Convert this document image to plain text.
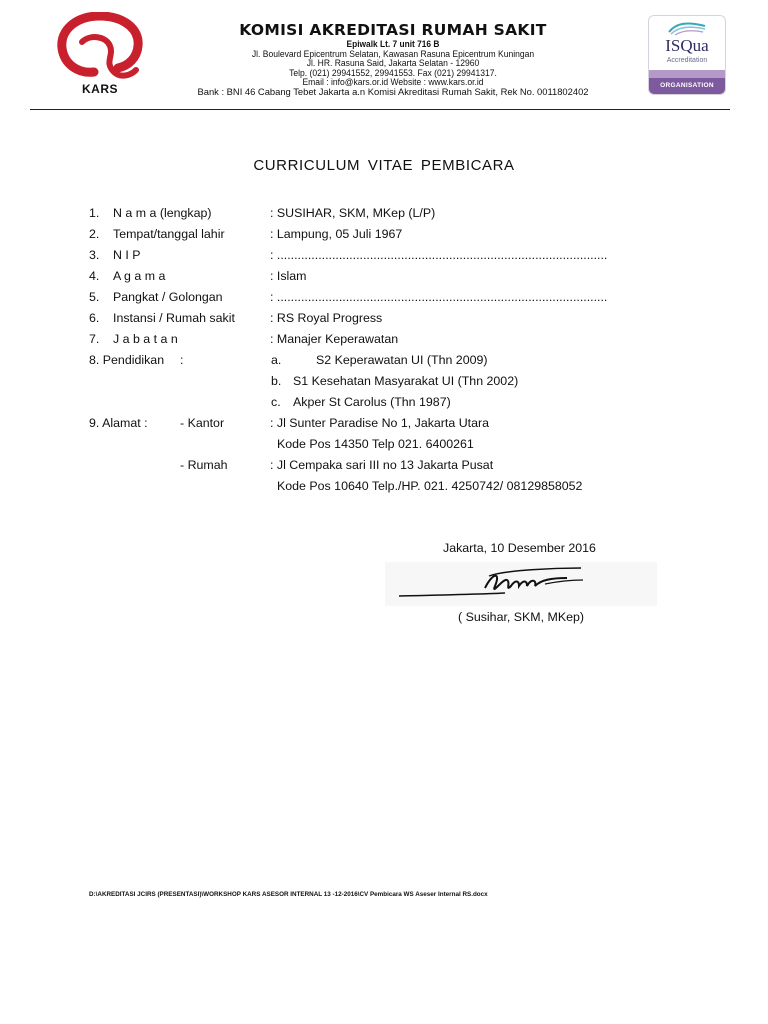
KARS
KOMISI AKREDITASI RUMAH SAKIT
Epiwalk Lt. 7 unit 716 B
Jl. Boulevard Epicentrum Selatan, Kawasan Rasuna Epicentrum Kuningan
Jl. HR. Rasuna Said, Jakarta Selatan - 12960
Telp. (021) 29941552, 29941553. Fax (021) 29941317.
Email : info@kars.or.id Website : www.kars.or.id
Bank : BNI 46 Cabang Tebet Jakarta a.n Komisi Akreditasi Rumah Sakit, Rek No. 0011802402
ISQua
Accreditation
ORGANISATION
CURRICULUM VITAE PEMBICARA
1. N a m a (lengkap)	: SUSIHAR, SKM, MKep (L/P)
2. Tempat/tanggal lahir	: Lampung, 05 Juli 1967
3. N I P	: ................................................................................................
4. A g a m a	: Islam
5. Pangkat / Golongan	: ................................................................................................
6. Instansi / Rumah sakit	: RS Royal Progress
7. J a b a t a n	: Manajer Keperawatan
8. Pendidikan :	a.	S2 Keperawatan UI (Thn 2009)
b. S1 Kesehatan Masyarakat UI (Thn 2002)
c. Akper St Carolus (Thn 1987)
9. Alamat :	- Kantor	: Jl Sunter Paradise No 1, Jakarta Utara
Kode Pos 14350 Telp 021. 6400261
- Rumah	: Jl Cempaka sari III no 13 Jakarta Pusat
Kode Pos 10640 Telp./HP. 021. 4250742/ 08129858052
Jakarta, 10 Desember 2016
( Susihar, SKM, MKep)
D:\AKREDITASI JCIRS (PRESENTASI)\WORKSHOP KARS ASESOR INTERNAL 13 -12-2016\CV Pembicara WS Aseser Internal RS.docx
